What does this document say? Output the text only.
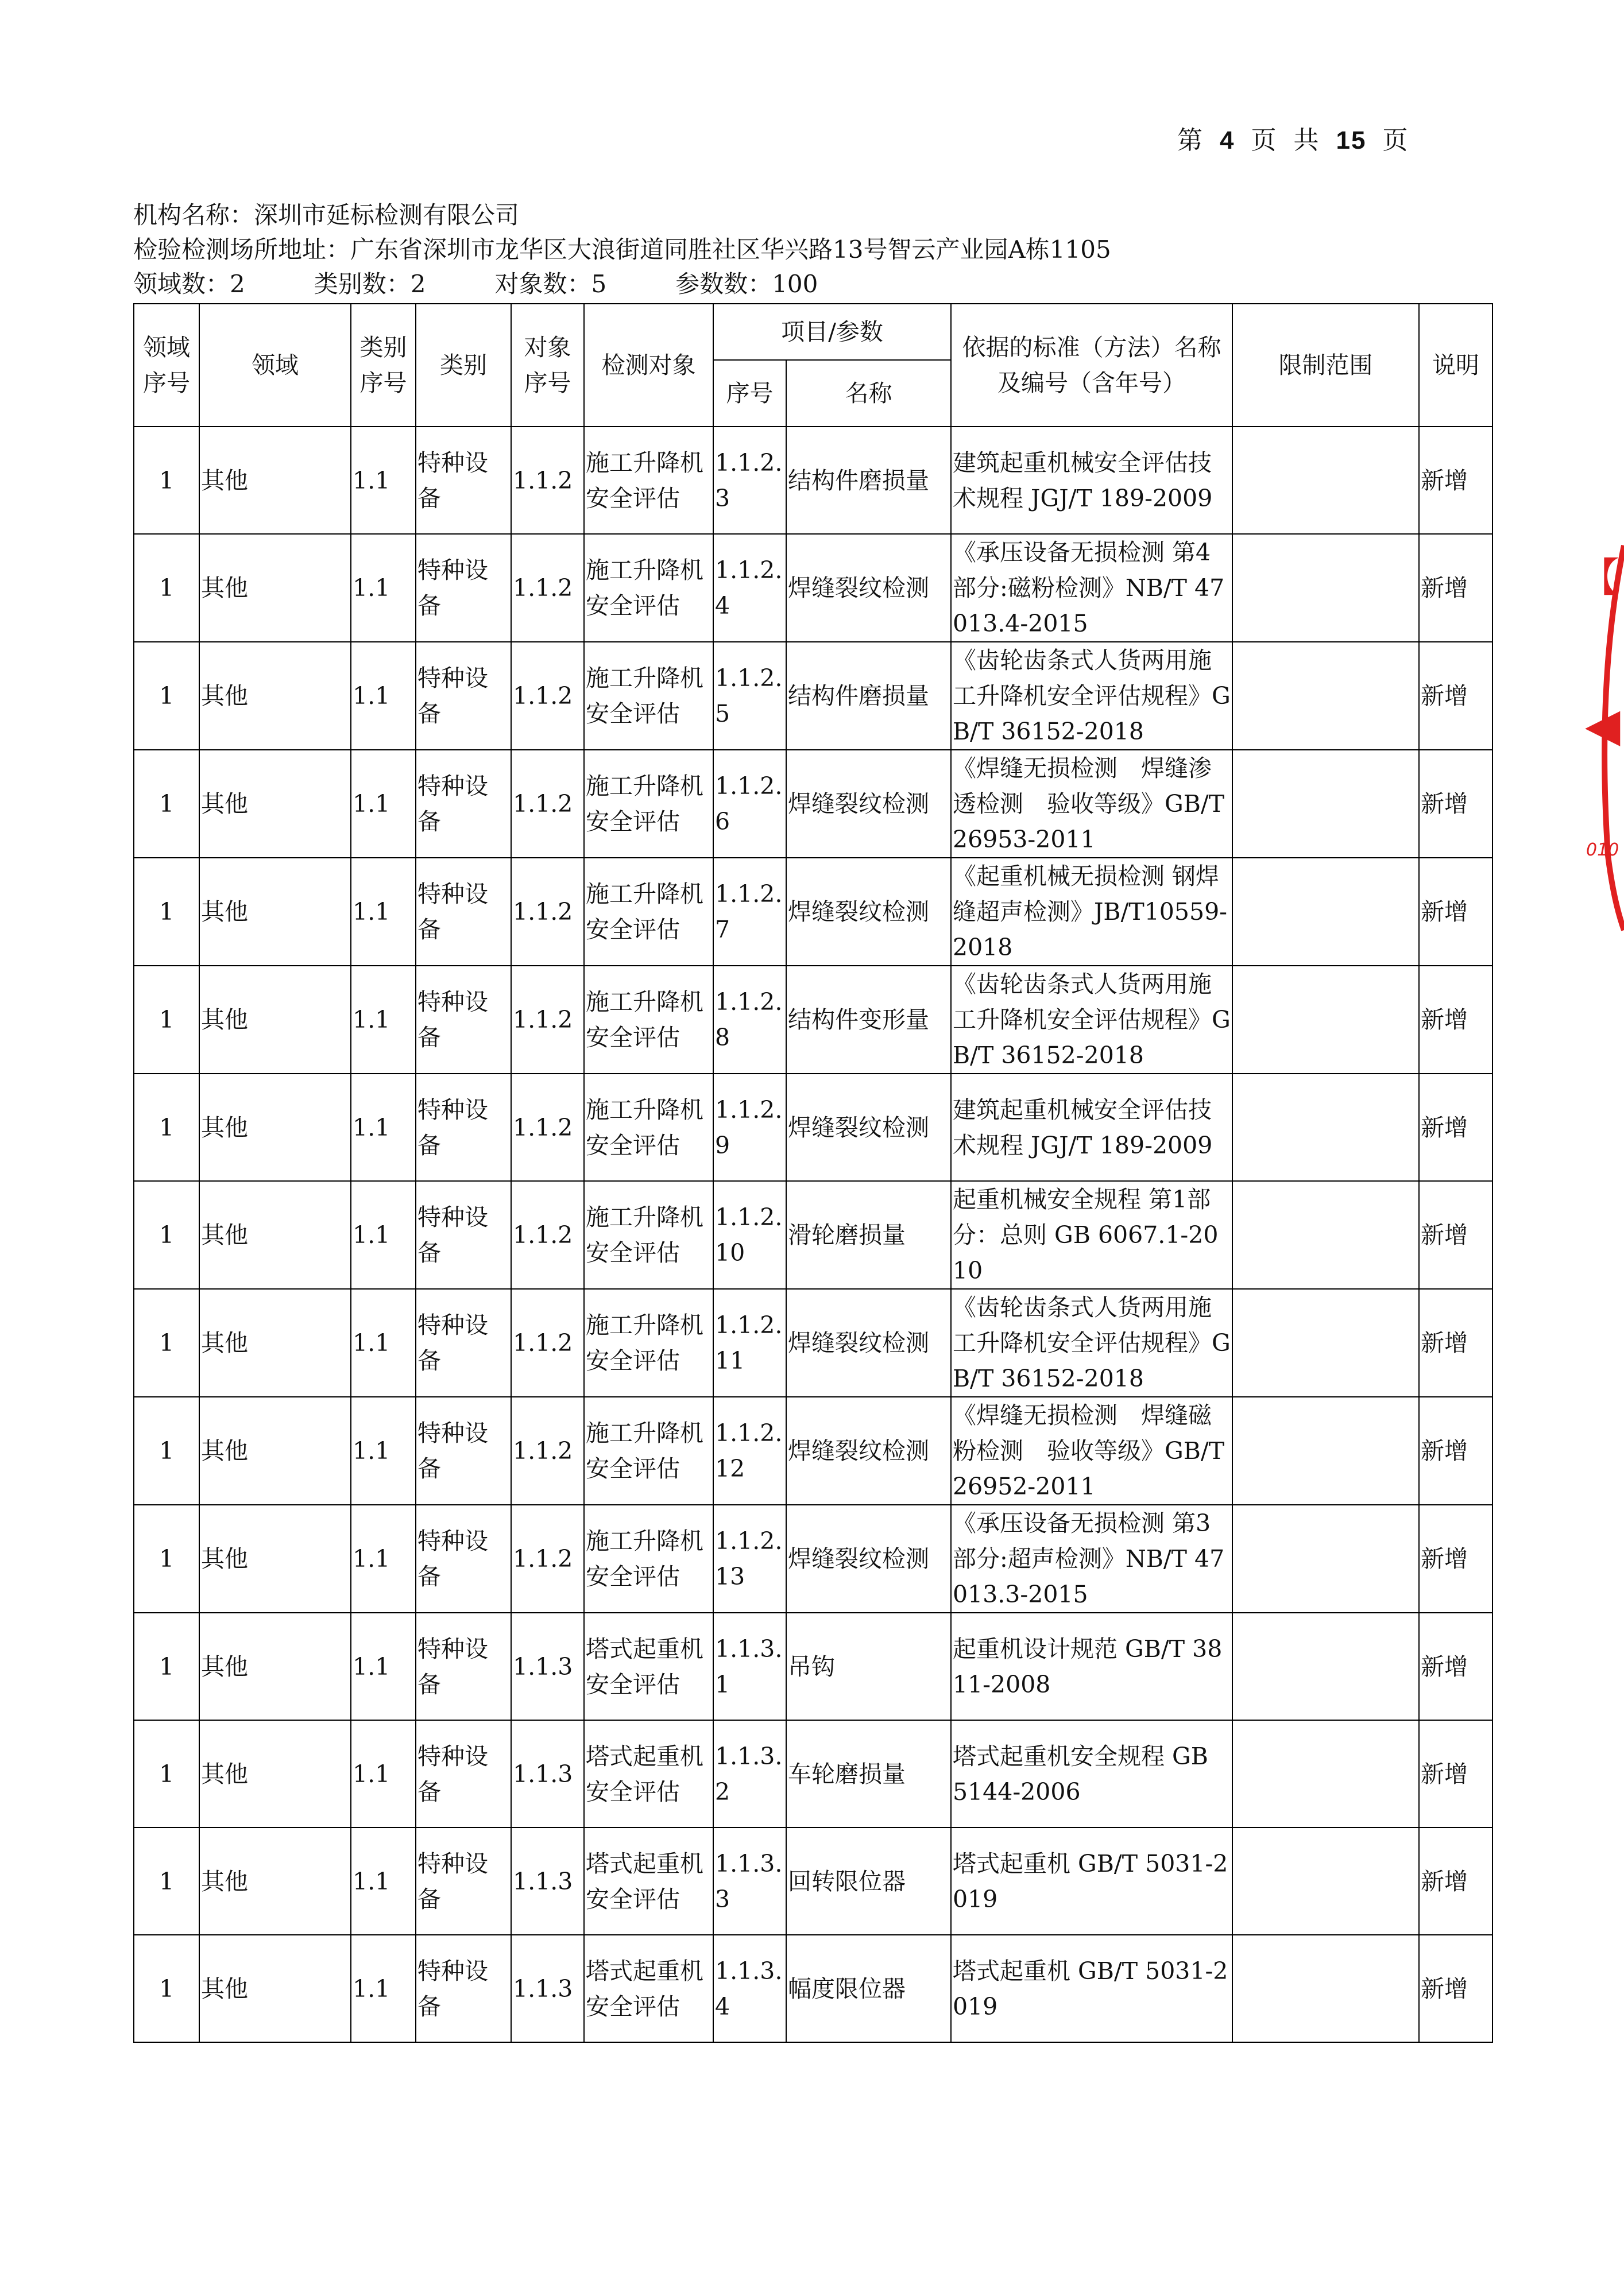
第 4 页 共 15 页
机构名称：深圳市延标检测有限公司
检验检测场所地址：广东省深圳市龙华区大浪街道同胜社区华兴路13号智云产业园A栋1105
领域数：2	类别数：2	对象数：5	参数数：100
领域序号	领域	类别序号	类别	对象序号	检测对象	项目/参数		依据的标准（方法）名称及编号（含年号）	限制范围	说明
						序号	名称			
1	其他	1.1	特种设备	1.1.2	施工升降机安全评估	1.1.2.3	结构件磨损量	建筑起重机械安全评估技术规程 JGJ/T 189-2009		新增
1	其他	1.1	特种设备	1.1.2	施工升降机安全评估	1.1.2.4	焊缝裂纹检测	《承压设备无损检测 第4部分:磁粉检测》NB/T 47013.4-2015		新增
1	其他	1.1	特种设备	1.1.2	施工升降机安全评估	1.1.2.5	结构件磨损量	《齿轮齿条式人货两用施工升降机安全评估规程》GB/T 36152-2018		新增
1	其他	1.1	特种设备	1.1.2	施工升降机安全评估	1.1.2.6	焊缝裂纹检测	《焊缝无损检测　焊缝渗透检测　验收等级》GB/T26953-2011		新增
1	其他	1.1	特种设备	1.1.2	施工升降机安全评估	1.1.2.7	焊缝裂纹检测	《起重机械无损检测 钢焊缝超声检测》JB/T10559-2018		新增
1	其他	1.1	特种设备	1.1.2	施工升降机安全评估	1.1.2.8	结构件变形量	《齿轮齿条式人货两用施工升降机安全评估规程》GB/T 36152-2018		新增
1	其他	1.1	特种设备	1.1.2	施工升降机安全评估	1.1.2.9	焊缝裂纹检测	建筑起重机械安全评估技术规程 JGJ/T 189-2009		新增
1	其他	1.1	特种设备	1.1.2	施工升降机安全评估	1.1.2.10	滑轮磨损量	起重机械安全规程 第1部分：总则 GB 6067.1-2010		新增
1	其他	1.1	特种设备	1.1.2	施工升降机安全评估	1.1.2.11	焊缝裂纹检测	《齿轮齿条式人货两用施工升降机安全评估规程》GB/T 36152-2018		新增
1	其他	1.1	特种设备	1.1.2	施工升降机安全评估	1.1.2.12	焊缝裂纹检测	《焊缝无损检测　焊缝磁粉检测　验收等级》GB/T26952-2011		新增
1	其他	1.1	特种设备	1.1.2	施工升降机安全评估	1.1.2.13	焊缝裂纹检测	《承压设备无损检测 第3部分:超声检测》NB/T 47013.3-2015		新增
1	其他	1.1	特种设备	1.1.3	塔式起重机安全评估	1.1.3.1	吊钩	起重机设计规范 GB/T 3811-2008		新增
1	其他	1.1	特种设备	1.1.3	塔式起重机安全评估	1.1.3.2	车轮磨损量	塔式起重机安全规程 GB 5144-2006		新增
1	其他	1.1	特种设备	1.1.3	塔式起重机安全评估	1.1.3.3	回转限位器	塔式起重机 GB/T 5031-2019		新增
1	其他	1.1	特种设备	1.1.3	塔式起重机安全评估	1.1.3.4	幅度限位器	塔式起重机 GB/T 5031-2019		新增
【
◀
010
